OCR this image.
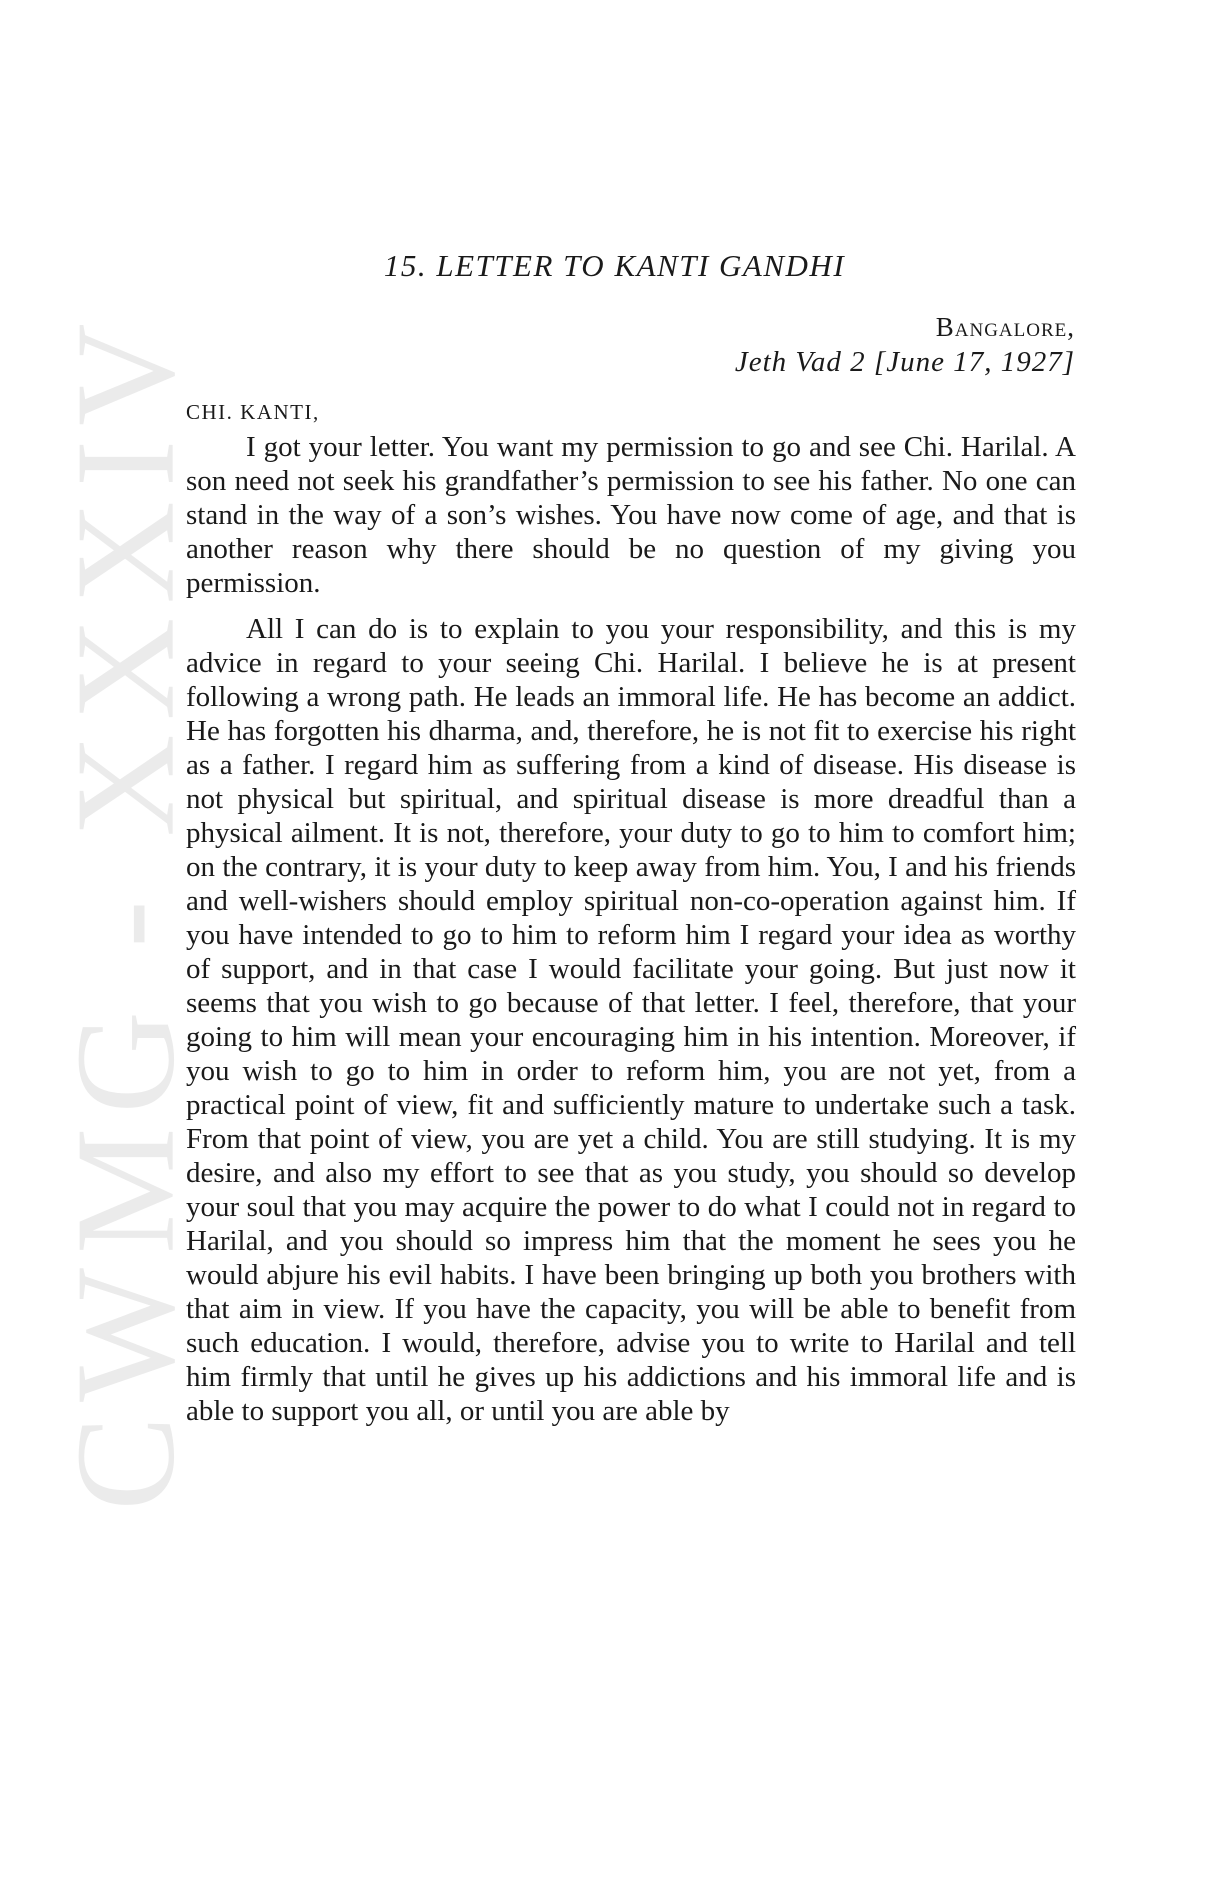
CWMG - XXXIV
15. LETTER TO KANTI GANDHI
Bangalore,
Jeth Vad 2 [June 17, 1927]
CHI. KANTI,

I got your letter. You want my permission to go and see Chi. Harilal. A son need not seek his grandfather’s permission to see his father. No one can stand in the way of a son’s wishes. You have now come of age, and that is another reason why there should be no question of my giving you permission.

All I can do is to explain to you your responsibility, and this is my advice in regard to your seeing Chi. Harilal. I believe he is at present following a wrong path. He leads an immoral life. He has become an addict. He has forgotten his dharma, and, therefore, he is not fit to exercise his right as a father. I regard him as suffering from a kind of disease. His disease is not physical but spiritual, and spiritual disease is more dreadful than a physical ailment. It is not, therefore, your duty to go to him to comfort him; on the contrary, it is your duty to keep away from him. You, I and his friends and well-wishers should employ spiritual non-co-operation against him. If you have intended to go to him to reform him I regard your idea as worthy of support, and in that case I would facilitate your going. But just now it seems that you wish to go because of that letter. I feel, therefore, that your going to him will mean your encouraging him in his intention. Moreover, if you wish to go to him in order to reform him, you are not yet, from a practical point of view, fit and sufficiently mature to undertake such a task. From that point of view, you are yet a child. You are still studying. It is my desire, and also my effort to see that as you study, you should so develop your soul that you may acquire the power to do what I could not in regard to Harilal, and you should so impress him that the moment he sees you he would abjure his evil habits. I have been bringing up both you brothers with that aim in view. If you have the capacity, you will be able to benefit from such education. I would, therefore, advise you to write to Harilal and tell him firmly that until he gives up his addictions and his immoral life and is able to support you all, or until you are able by
